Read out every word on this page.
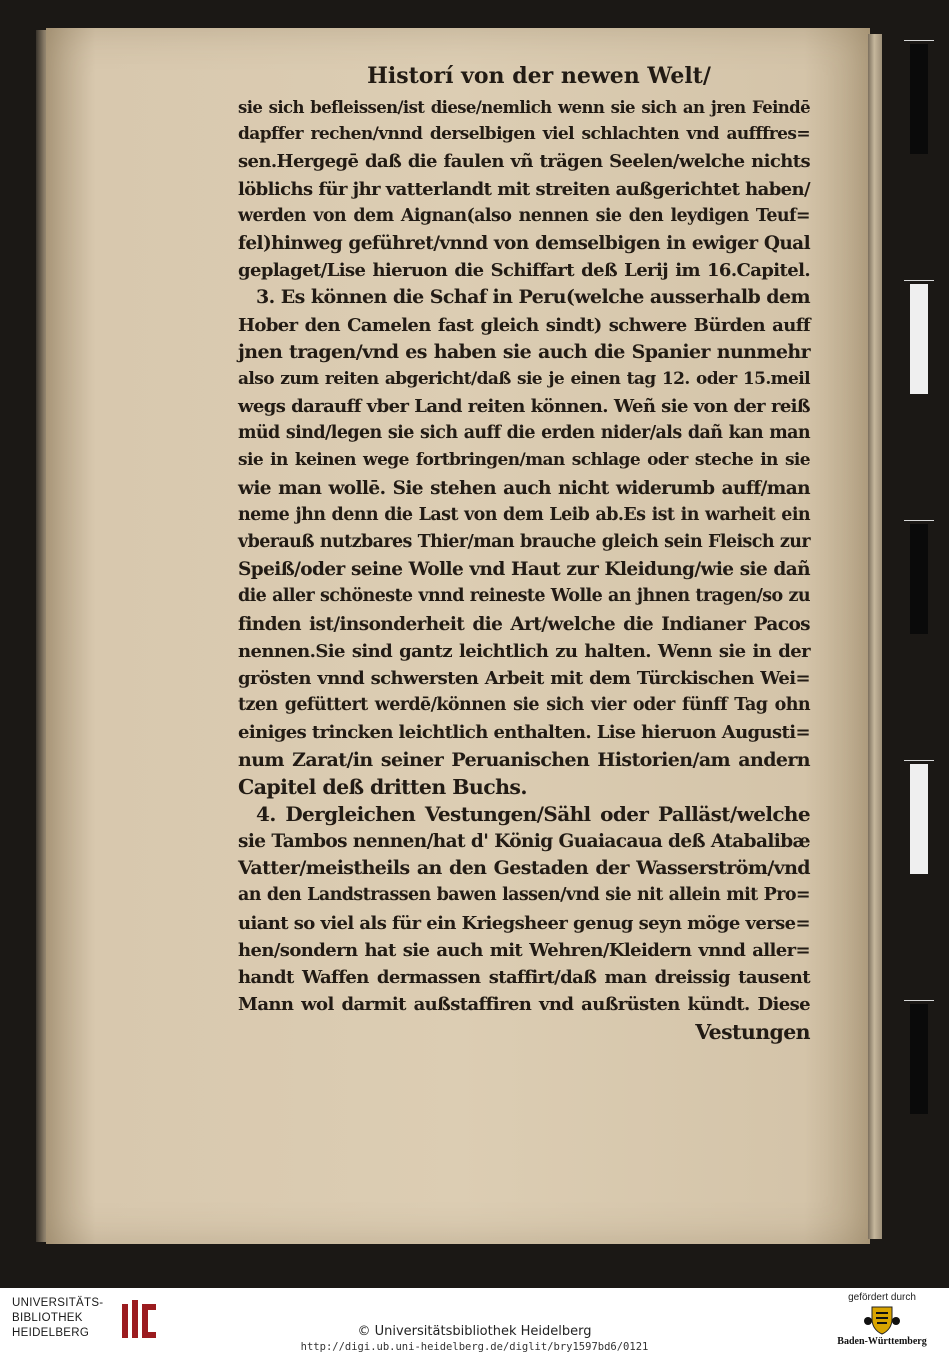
Historí von der newen Welt/
sie sich befleissen/ist diese/nemlich wenn sie sich an jren Feindē
dapffer rechen/vnnd derselbigen viel schlachten vnd aufffres=
sen.Hergegē daß die faulen vñ trägen Seelen/welche nichts
löblichs für jhr vatterlandt mit streiten außgerichtet haben/
werden von dem Aignan(also nennen sie den leydigen Teuf=
fel)hinweg geführet/vnnd von demselbigen in ewiger Qual
geplaget/Lise hieruon die Schiffart deß Lerij im 16.Capitel.
3. Es können die Schaf in Peru(welche ausserhalb dem
Hober den Camelen fast gleich sindt) schwere Bürden auff
jnen tragen/vnd es haben sie auch die Spanier nunmehr
also zum reiten abgericht/daß sie je einen tag 12. oder 15.meil
wegs darauff vber Land reiten können. Weñ sie von der reiß
müd sind/legen sie sich auff die erden nider/als dañ kan man
sie in keinen wege fortbringen/man schlage oder steche in sie
wie man wollē. Sie stehen auch nicht widerumb auff/man
neme jhn denn die Last von dem Leib ab.Es ist in warheit ein
vberauß nutzbares Thier/man brauche gleich sein Fleisch zur
Speiß/oder seine Wolle vnd Haut zur Kleidung/wie sie dañ
die aller schöneste vnnd reineste Wolle an jhnen tragen/so zu
finden ist/insonderheit die Art/welche die Indianer Pacos
nennen.Sie sind gantz leichtlich zu halten. Wenn sie in der
grösten vnnd schwersten Arbeit mit dem Türckischen Wei=
tzen gefüttert werdē/können sie sich vier oder fünff Tag ohn
einiges trincken leichtlich enthalten. Lise hieruon Augusti=
num Zarat/in seiner Peruanischen Historien/am andern
Capitel deß dritten Buchs.
4. Dergleichen Vestungen/Sähl oder Palläst/welche
sie Tambos nennen/hat d' König Guaiacaua deß Atabalibæ
Vatter/meistheils an den Gestaden der Wasserström/vnd
an den Landstrassen bawen lassen/vnd sie nit allein mit Pro=
uiant so viel als für ein Kriegsheer genug seyn möge verse=
hen/sondern hat sie auch mit Wehren/Kleidern vnnd aller=
handt Waffen dermassen staffirt/daß man dreissig tausent
Mann wol darmit außstaffiren vnd außrüsten kündt. Diese
Vestungen
UNIVERSITÄTS-
BIBLIOTHEK
HEIDELBERG	© Universitätsbibliothek Heidelberg
http://digi.ub.uni-heidelberg.de/diglit/bry1597bd6/0121
gefördert durch
Baden-Württemberg
